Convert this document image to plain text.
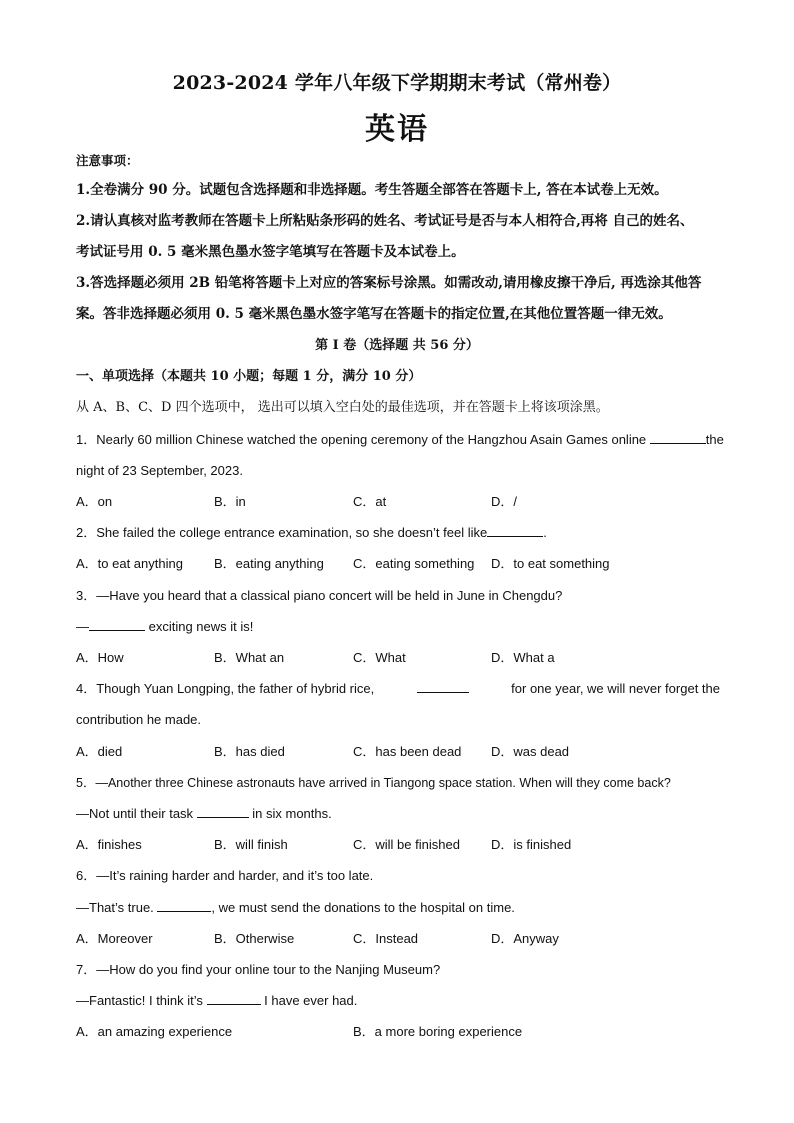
2023-2024 学年八年级下学期期末考试（常州卷）
英语
注意事项：
1.全卷满分 90 分。试题包含选择题和非选择题。考生答题全部答在答题卡上, 答在本试卷上无效。
2.请认真核对监考教师在答题卡上所粘贴条形码的姓名、考试证号是否与本人相符合,再将 自己的姓名、
考试证号用 0. 5 毫米黑色墨水签字笔填写在答题卡及本试卷上。
3.答选择题必须用 2B 铅笔将答题卡上对应的答案标号涂黑。如需改动,请用橡皮擦干净后, 再选涂其他答
案。答非选择题必须用 0. 5 毫米黑色墨水签字笔写在答题卡的指定位置,在其他位置答题一律无效。
第 I 卷（选择题 共 56 分）
一、单项选择（本题共 10 小题；每题 1 分，满分 10 分）
从 A、B、C、D 四个选项中， 选出可以填入空白处的最佳选项，并在答题卡上将该项涂黑。
1．Nearly 60 million Chinese watched the opening ceremony of the Hangzhou Asain Games online	the
night of 23 September, 2023.
A．on	B．in	C．at	D．/
2．She failed the college entrance examination, so she doesn’t feel like	.
A．to eat anything B．eating anything C．eating something D．to eat something
3．—Have you heard that a classical piano concert will be held in June in Chengdu?
—	exciting news it is!
A．How	B．What an	C．What	D．What a
4．Though Yuan Longping, the father of hybrid rice,	for one year, we will never forget the
contribution he made.
A．died	B．has died	C．has been dead D．was dead
5．—Another three Chinese astronauts have arrived in Tiangong space station. When will they come back?
—Not until their task	in six months.
A．finishes	B．will finish	C．will be finished D．is finished
6．—It’s raining harder and harder, and it’s too late.
—That’s true.	, we must send the donations to the hospital on time.
A．Moreover	B．Otherwise	C．Instead	D．Anyway
7．—How do you find your online tour to the Nanjing Museum?
—Fantastic! I think it’s	I have ever had.
A．an amazing experience	B．a more boring experience
